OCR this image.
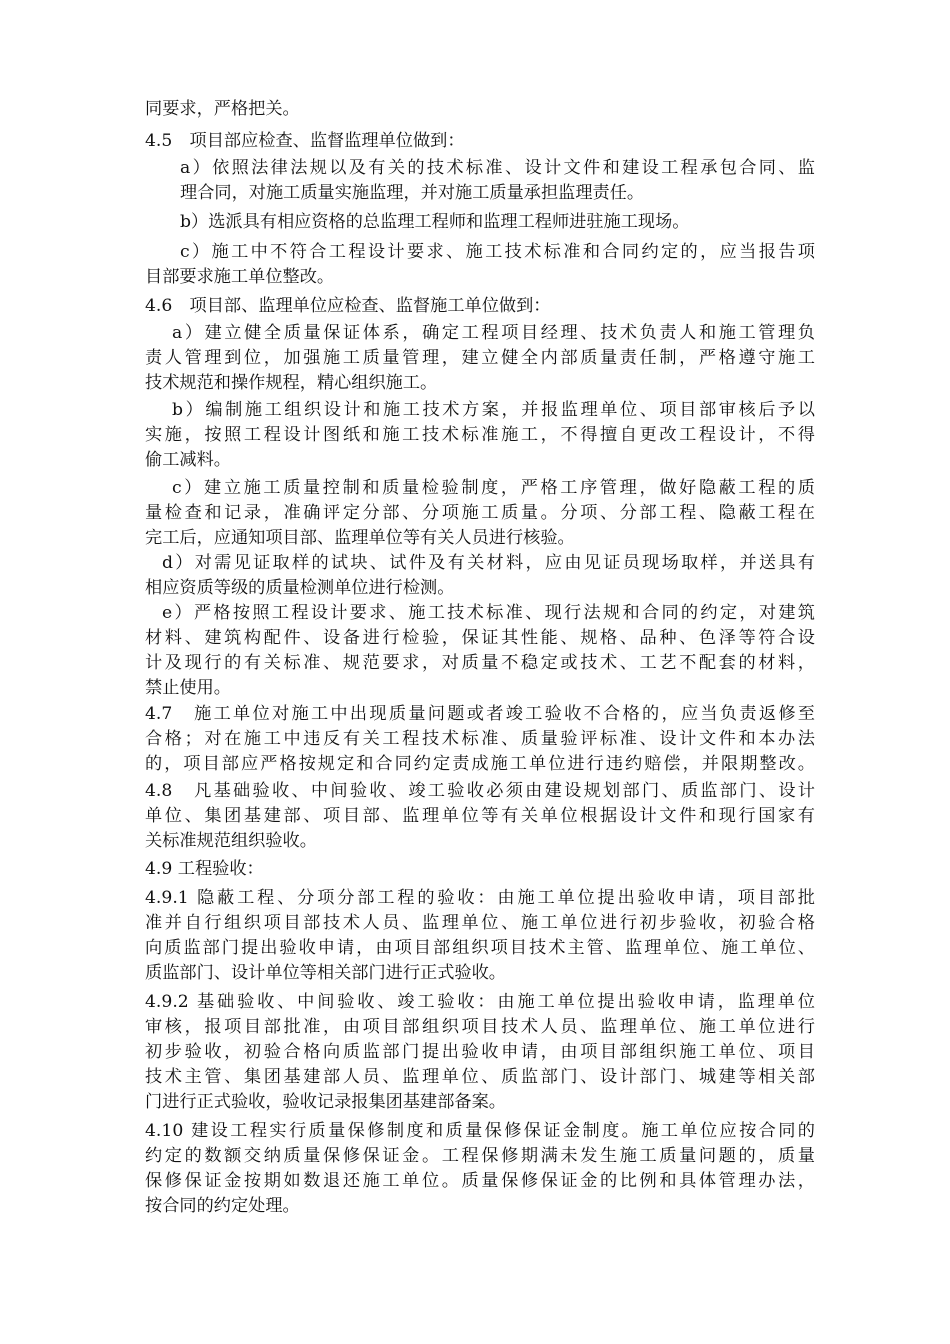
同要求，严格把关。
4.5　项目部应检查、监督监理单位做到：
a）依照法律法规以及有关的技术标准、设计文件和建设工程承包合同、监
理合同，对施工质量实施监理，并对施工质量承担监理责任。
b）选派具有相应资格的总监理工程师和监理工程师进驻施工现场。
c）施工中不符合工程设计要求、施工技术标准和合同约定的，应当报告项
目部要求施工单位整改。
4.6　项目部、监理单位应检查、监督施工单位做到：
a）建立健全质量保证体系，确定工程项目经理、技术负责人和施工管理负
责人管理到位，加强施工质量管理，建立健全内部质量责任制，严格遵守施工
技术规范和操作规程，精心组织施工。
b）编制施工组织设计和施工技术方案，并报监理单位、项目部审核后予以
实施，按照工程设计图纸和施工技术标准施工，不得擅自更改工程设计，不得
偷工减料。
c）建立施工质量控制和质量检验制度，严格工序管理，做好隐蔽工程的质
量检查和记录，准确评定分部、分项施工质量。分项、分部工程、隐蔽工程在
完工后，应通知项目部、监理单位等有关人员进行核验。
d）对需见证取样的试块、试件及有关材料，应由见证员现场取样，并送具有
相应资质等级的质量检测单位进行检测。
e）严格按照工程设计要求、施工技术标准、现行法规和合同的约定，对建筑
材料、建筑构配件、设备进行检验，保证其性能、规格、品种、色泽等符合设
计及现行的有关标准、规范要求，对质量不稳定或技术、工艺不配套的材料，
禁止使用。
4.7　施工单位对施工中出现质量问题或者竣工验收不合格的，应当负责返修至
合格；对在施工中违反有关工程技术标准、质量验评标准、设计文件和本办法
的，项目部应严格按规定和合同约定责成施工单位进行违约赔偿，并限期整改。
4.8　凡基础验收、中间验收、竣工验收必须由建设规划部门、质监部门、设计
单位、集团基建部、项目部、监理单位等有关单位根据设计文件和现行国家有
关标准规范组织验收。
4.9 工程验收：
4.9.1 隐蔽工程、分项分部工程的验收：由施工单位提出验收申请，项目部批
准并自行组织项目部技术人员、监理单位、施工单位进行初步验收，初验合格
向质监部门提出验收申请，由项目部组织项目技术主管、监理单位、施工单位、
质监部门、设计单位等相关部门进行正式验收。
4.9.2 基础验收、中间验收、竣工验收：由施工单位提出验收申请，监理单位
审核，报项目部批准，由项目部组织项目技术人员、监理单位、施工单位进行
初步验收，初验合格向质监部门提出验收申请，由项目部组织施工单位、项目
技术主管、集团基建部人员、监理单位、质监部门、设计部门、城建等相关部
门进行正式验收，验收记录报集团基建部备案。
4.10 建设工程实行质量保修制度和质量保修保证金制度。施工单位应按合同的
约定的数额交纳质量保修保证金。工程保修期满未发生施工质量问题的，质量
保修保证金按期如数退还施工单位。质量保修保证金的比例和具体管理办法，
按合同的约定处理。
